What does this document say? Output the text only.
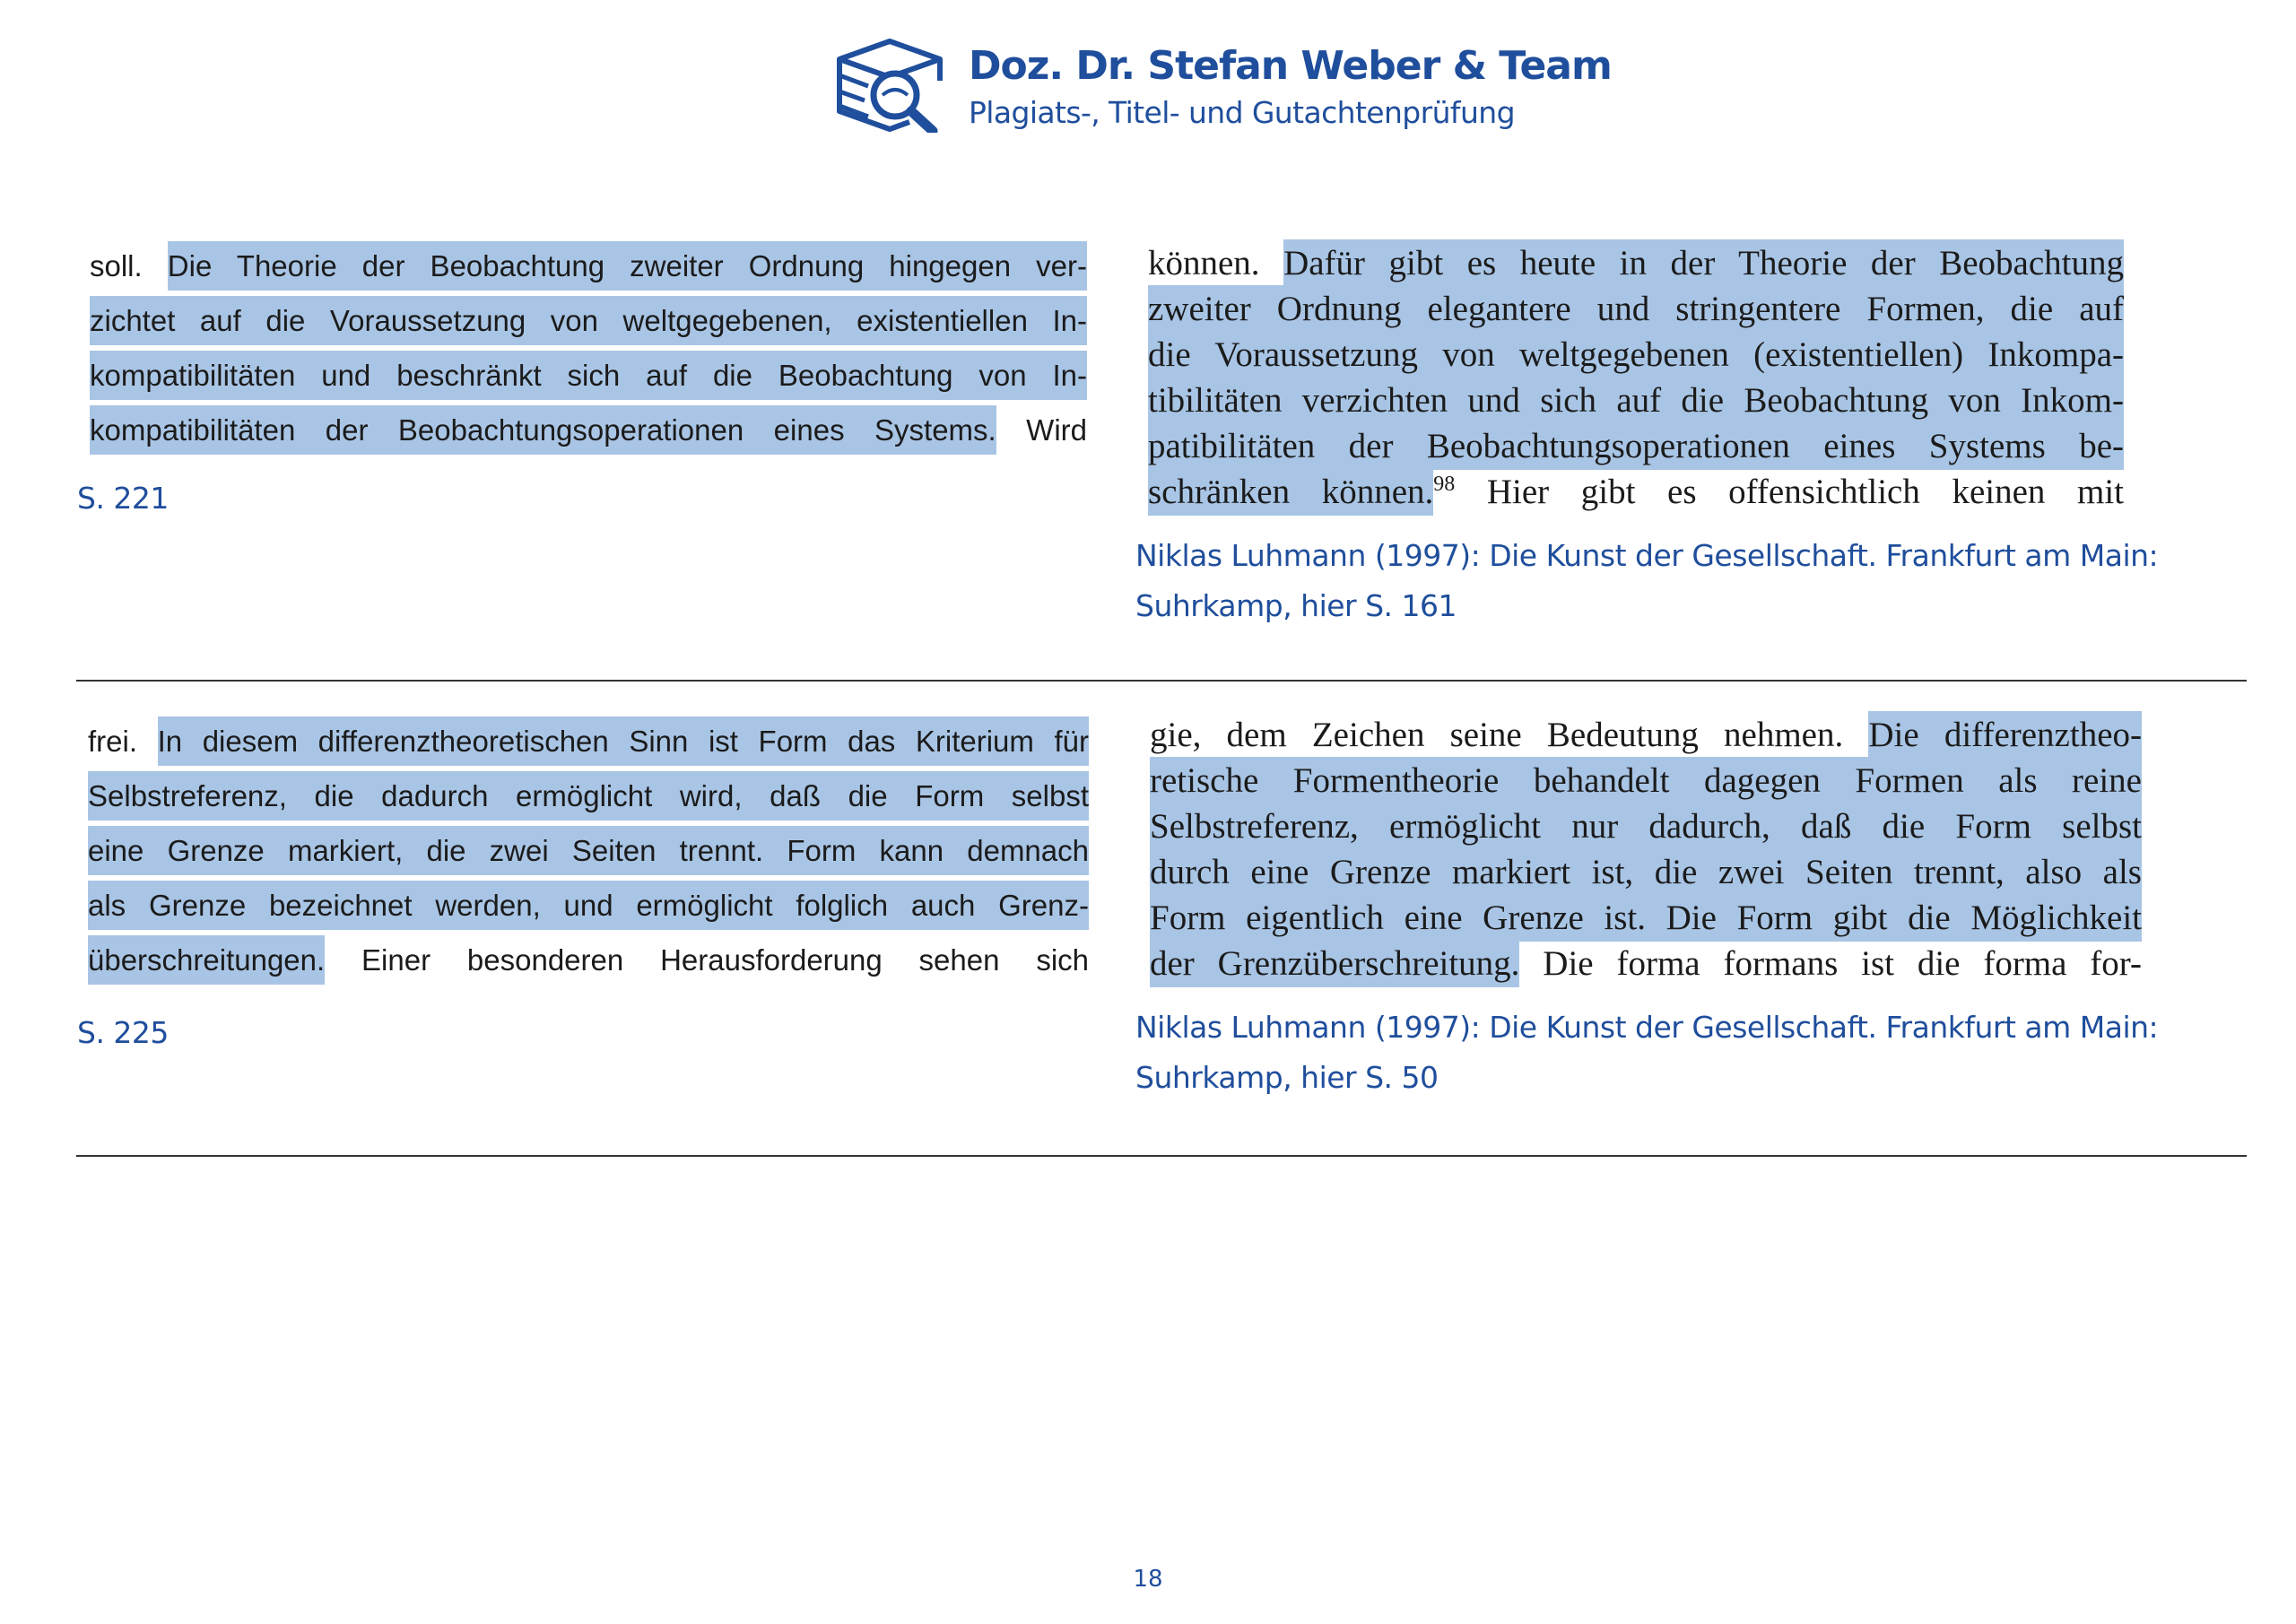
Doz. Dr. Stefan Weber & Team
Plagiats-, Titel- und Gutachtenprüfung

soll. Die Theorie der Beobachtung zweiter Ordnung hingegen ver-

zichtet auf die Voraussetzung von weltgegebenen, existentiellen In-

kompatibilitäten und beschränkt sich auf die Beobachtung von In-

kompatibilitäten der Beobachtungsoperationen eines Systems. Wird

S. 221

können. Dafür gibt es heute in der Theorie der Beobachtung

zweiter Ordnung elegantere und stringentere Formen, die auf

die Voraussetzung von weltgegebenen (existentiellen) Inkompa-

tibilitäten verzichten und sich auf die Beobachtung von Inkom-

patibilitäten der Beobachtungsoperationen eines Systems be-

schränken können.$^{98}$ Hier gibt es offensichtlich keinen mit

Niklas Luhmann (1997): Die Kunst der Gesellschaft. Frankfurt am Main:
Suhrkamp, hier S. 161

frei. In diesem differenztheoretischen Sinn ist Form das Kriterium für

Selbstreferenz, die dadurch ermöglicht wird, daß die Form selbst

eine Grenze markiert, die zwei Seiten trennt. Form kann demnach

als Grenze bezeichnet werden, und ermöglicht folglich auch Grenz-

überschreitungen. Einer besonderen Herausforderung sehen sich

S. 225

gie, dem Zeichen seine Bedeutung nehmen. Die differenztheo-

retische Formentheorie behandelt dagegen Formen als reine

Selbstreferenz, ermöglicht nur dadurch, daß die Form selbst

durch eine Grenze markiert ist, die zwei Seiten trennt, also als

Form eigentlich eine Grenze ist. Die Form gibt die Möglichkeit

der Grenzüberschreitung. Die forma formans ist die forma for-

Niklas Luhmann (1997): Die Kunst der Gesellschaft. Frankfurt am Main:
Suhrkamp, hier S. 50
18
